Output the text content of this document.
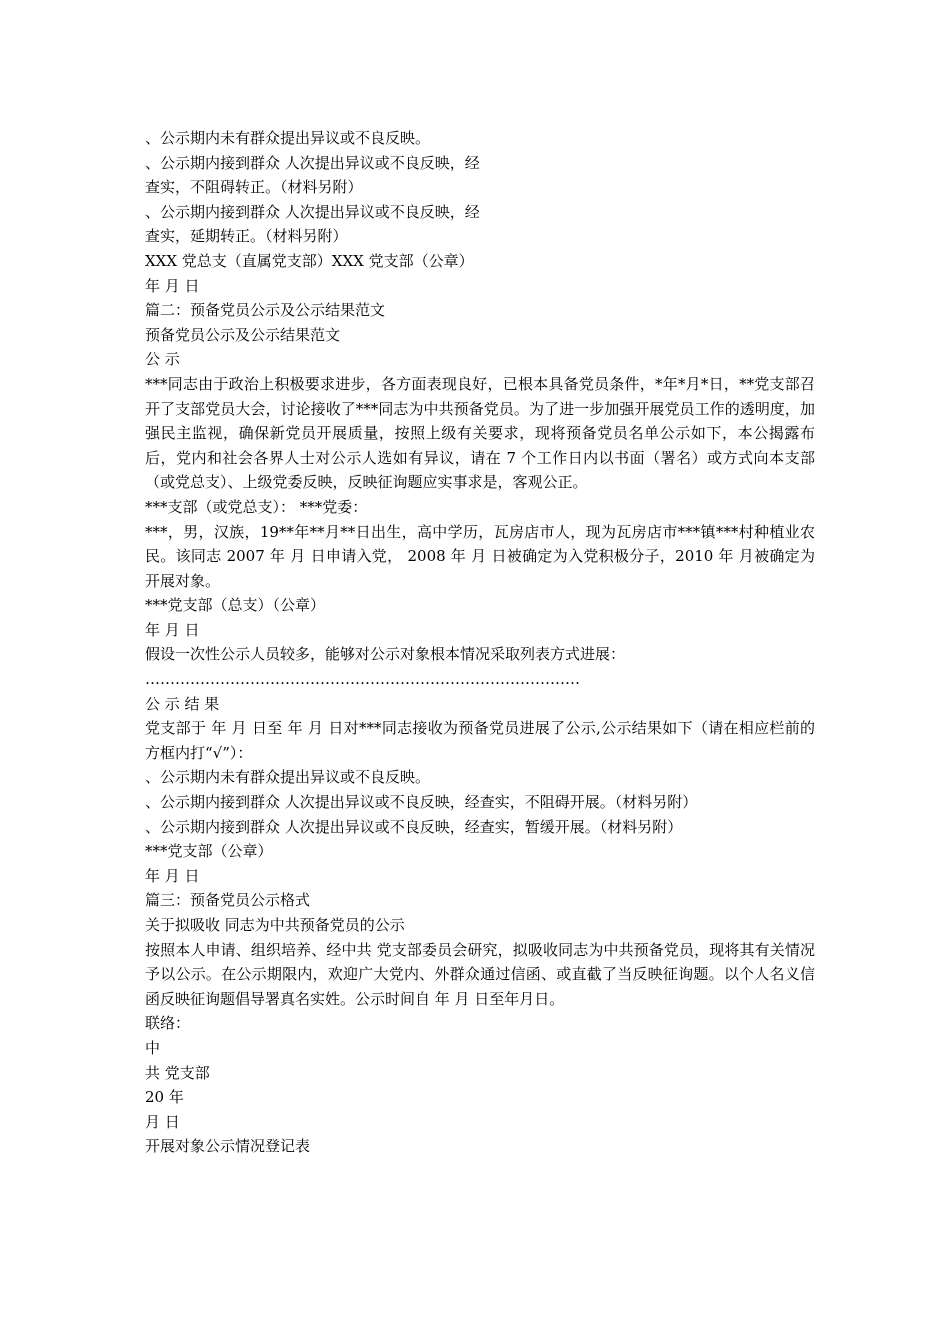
、公示期内未有群众提出异议或不良反映。
、公示期内接到群众 人次提出异议或不良反映，经
查实，不阻碍转正。（材料另附）
、公示期内接到群众 人次提出异议或不良反映，经
查实，延期转正。（材料另附）
XXX 党总支（直属党支部）XXX 党支部（公章）
年 月 日
篇二：预备党员公示及公示结果范文
预备党员公示及公示结果范文
公 示
***同志由于政治上积极要求进步，各方面表现良好，已根本具备党员条件，*年*月*日，**党支部召开了支部党员大会，讨论接收了***同志为中共预备党员。为了进一步加强开展党员工作的透明度，加强民主监视，确保新党员开展质量，按照上级有关要求，现将预备党员名单公示如下，本公揭露布后，党内和社会各界人士对公示人选如有异议，请在 7 个工作日内以书面（署名）或方式向本支部（或党总支）、上级党委反映，反映征询题应实事求是，客观公正。
***支部（或党总支）： ***党委：
***，男，汉族，19**年**月**日出生，高中学历，瓦房店市人，现为瓦房店市***镇***村种植业农民。该同志 2007 年 月 日申请入党， 2008 年 月 日被确定为入党积极分子，2010 年 月被确定为开展对象。
***党支部（总支）（公章）
年 月 日
假设一次性公示人员较多，能够对公示对象根本情况采取列表方式进展：
……………………………………………………………………………
公 示 结 果
党支部于 年 月 日至 年 月 日对***同志接收为预备党员进展了公示,公示结果如下（请在相应栏前的方框内打“√”）：
、公示期内未有群众提出异议或不良反映。
、公示期内接到群众 人次提出异议或不良反映，经查实，不阻碍开展。（材料另附）
、公示期内接到群众 人次提出异议或不良反映，经查实，暂缓开展。（材料另附）
***党支部（公章）
年 月 日
篇三：预备党员公示格式
关于拟吸收 同志为中共预备党员的公示
按照本人申请、组织培养、经中共 党支部委员会研究，拟吸收同志为中共预备党员，现将其有关情况予以公示。在公示期限内，欢迎广大党内、外群众通过信函、或直截了当反映征询题。以个人名义信函反映征询题倡导署真名实姓。公示时间自 年 月 日至年月日。
联络：
中
共 党支部
20 年
月 日
开展对象公示情况登记表
